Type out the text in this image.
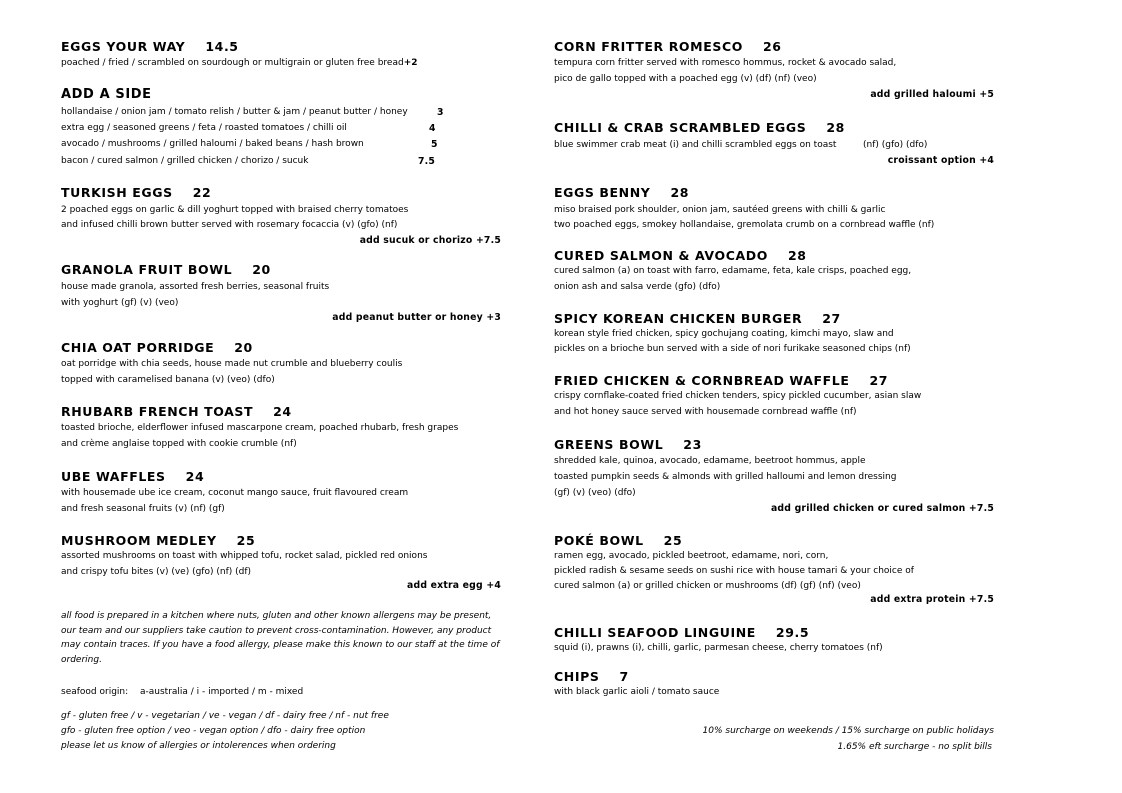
EGGS YOUR WAY 14.5
poached / fried / scrambled on sourdough or multigrain or gluten free bread+2
ADD A SIDE
hollandaise / onion jam / tomato relish / butter & jam / peanut butter / honey	3
extra egg / seasoned greens / feta / roasted tomatoes / chilli oil	4
avocado / mushrooms / grilled haloumi / baked beans / hash brown	5
bacon / cured salmon / grilled chicken / chorizo / sucuk	7.5
TURKISH EGGS 22
2 poached eggs on garlic & dill yoghurt topped with braised cherry tomatoes
and infused chilli brown butter served with rosemary focaccia (v) (gfo) (nf)
add sucuk or chorizo +7.5
GRANOLA FRUIT BOWL 20
house made granola, assorted fresh berries, seasonal fruits
with yoghurt (gf) (v) (veo)
add peanut butter or honey +3
CHIA OAT PORRIDGE 20
oat porridge with chia seeds, house made nut crumble and blueberry coulis
topped with caramelised banana (v) (veo) (dfo)
RHUBARB FRENCH TOAST 24
toasted brioche, elderflower infused mascarpone cream, poached rhubarb, fresh grapes
and crème anglaise topped with cookie crumble (nf)
UBE WAFFLES 24
with housemade ube ice cream, coconut mango sauce, fruit flavoured cream
and fresh seasonal fruits (v) (nf) (gf)
MUSHROOM MEDLEY 25
assorted mushrooms on toast with whipped tofu, rocket salad, pickled red onions
and crispy tofu bites (v) (ve) (gfo) (nf) (df)
add extra egg +4
all food is prepared in a kitchen where nuts, gluten and other known allergens may be present,
our team and our suppliers take caution to prevent cross-contamination. However, any product
may contain traces. If you have a food allergy, please make this known to our staff at the time of
ordering.
seafood origin: a-australia / i - imported / m - mixed
gf - gluten free / v - vegetarian / ve - vegan / df - dairy free / nf - nut free
gfo - gluten free option / veo - vegan option / dfo - dairy free option
please let us know of allergies or intolerences when ordering
CORN FRITTER ROMESCO 26
tempura corn fritter served with romesco hommus, rocket & avocado salad,
pico de gallo topped with a poached egg (v) (df) (nf) (veo)
add grilled haloumi +5
CHILLI & CRAB SCRAMBLED EGGS 28
blue swimmer crab meat (i) and chilli scrambled eggs on toast	(nf) (gfo) (dfo)
croissant option +4
EGGS BENNY 28
miso braised pork shoulder, onion jam, sautéed greens with chilli & garlic
two poached eggs, smokey hollandaise, gremolata crumb on a cornbread waffle (nf)
CURED SALMON & AVOCADO 28
cured salmon (a) on toast with farro, edamame, feta, kale crisps, poached egg,
onion ash and salsa verde (gfo) (dfo)
SPICY KOREAN CHICKEN BURGER 27
korean style fried chicken, spicy gochujang coating, kimchi mayo, slaw and
pickles on a brioche bun served with a side of nori furikake seasoned chips (nf)
FRIED CHICKEN & CORNBREAD WAFFLE 27
crispy cornflake-coated fried chicken tenders, spicy pickled cucumber, asian slaw
and hot honey sauce served with housemade cornbread waffle (nf)
GREENS BOWL 23
shredded kale, quinoa, avocado, edamame, beetroot hommus, apple
toasted pumpkin seeds & almonds with grilled halloumi and lemon dressing
(gf) (v) (veo) (dfo)
add grilled chicken or cured salmon +7.5
POKÉ BOWL 25
ramen egg, avocado, pickled beetroot, edamame, nori, corn,
pickled radish & sesame seeds on sushi rice with house tamari & your choice of
cured salmon (a) or grilled chicken or mushrooms (df) (gf) (nf) (veo)
add extra protein +7.5
CHILLI SEAFOOD LINGUINE 29.5
squid (i), prawns (i), chilli, garlic, parmesan cheese, cherry tomatoes (nf)
CHIPS 7
with black garlic aioli / tomato sauce
10% surcharge on weekends / 15% surcharge on public holidays
1.65% eft surcharge - no split bills
